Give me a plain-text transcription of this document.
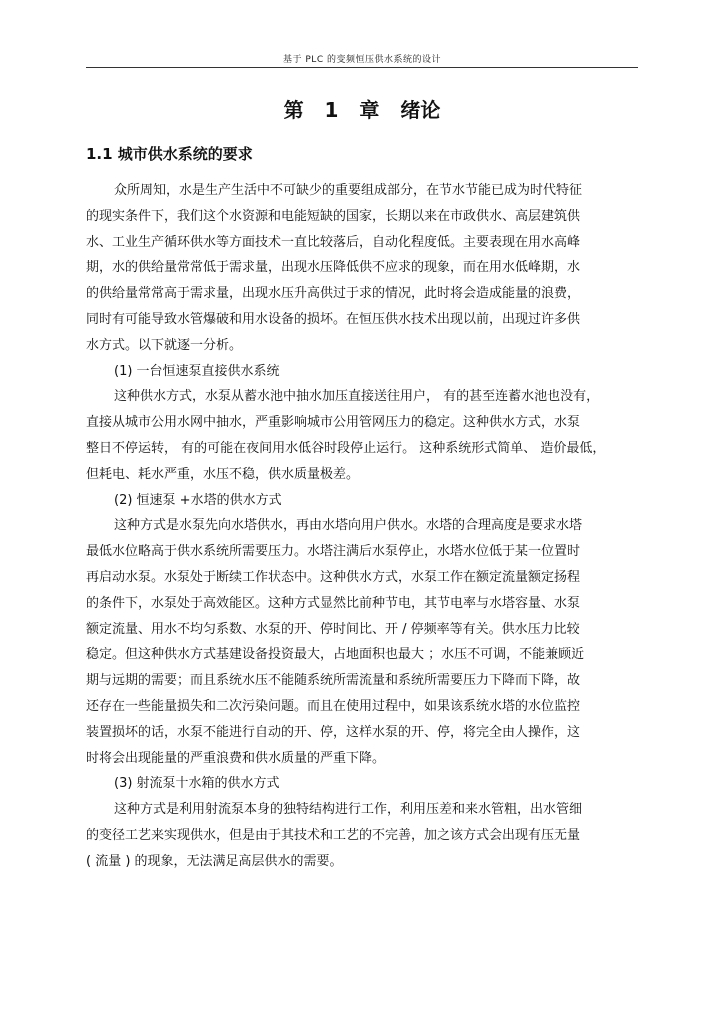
基于 PLC 的变频恒压供水系统的设计
第 1 章 绪论
1.1 城市供水系统的要求
众所周知，水是生产生活中不可缺少的重要组成部分，在节水节能已成为时代特征
的现实条件下，我们这个水资源和电能短缺的国家，长期以来在市政供水、高层建筑供
水、工业生产循环供水等方面技术一直比较落后，自动化程度低。主要表现在用水高峰
期，水的供给量常常低于需求量，出现水压降低供不应求的现象，而在用水低峰期，水
的供给量常常高于需求量，出现水压升高供过于求的情况，此时将会造成能量的浪费，
同时有可能导致水管爆破和用水设备的损坏。在恒压供水技术出现以前，出现过许多供
水方式。以下就逐一分析。
(1) 一台恒速泵直接供水系统
这种供水方式，水泵从蓄水池中抽水加压直接送往用户， 有的甚至连蓄水池也没有，
直接从城市公用水网中抽水，严重影响城市公用管网压力的稳定。这种供水方式，水泵
整日不停运转， 有的可能在夜间用水低谷时段停止运行。 这种系统形式简单、 造价最低，
但耗电、耗水严重，水压不稳，供水质量极差。
(2) 恒速泵 +水塔的供水方式
这种方式是水泵先向水塔供水，再由水塔向用户供水。水塔的合理高度是要求水塔
最低水位略高于供水系统所需要压力。水塔注满后水泵停止，水塔水位低于某一位置时
再启动水泵。水泵处于断续工作状态中。这种供水方式，水泵工作在额定流量额定扬程
的条件下，水泵处于高效能区。这种方式显然比前种节电，其节电率与水塔容量、水泵
额定流量、用水不均匀系数、水泵的开、停时间比、开 / 停频率等有关。供水压力比较
稳定。但这种供水方式基建设备投资最大，占地面积也最大 ；水压不可调，不能兼顾近
期与远期的需要；而且系统水压不能随系统所需流量和系统所需要压力下降而下降，故
还存在一些能量损失和二次污染问题。而且在使用过程中，如果该系统水塔的水位监控
装置损坏的话，水泵不能进行自动的开、停，这样水泵的开、停，将完全由人操作，这
时将会出现能量的严重浪费和供水质量的严重下降。
(3) 射流泵十水箱的供水方式
这种方式是利用射流泵本身的独特结构进行工作，利用压差和来水管粗，出水管细
的变径工艺来实现供水，但是由于其技术和工艺的不完善，加之该方式会出现有压无量
( 流量 ) 的现象，无法满足高层供水的需要。
